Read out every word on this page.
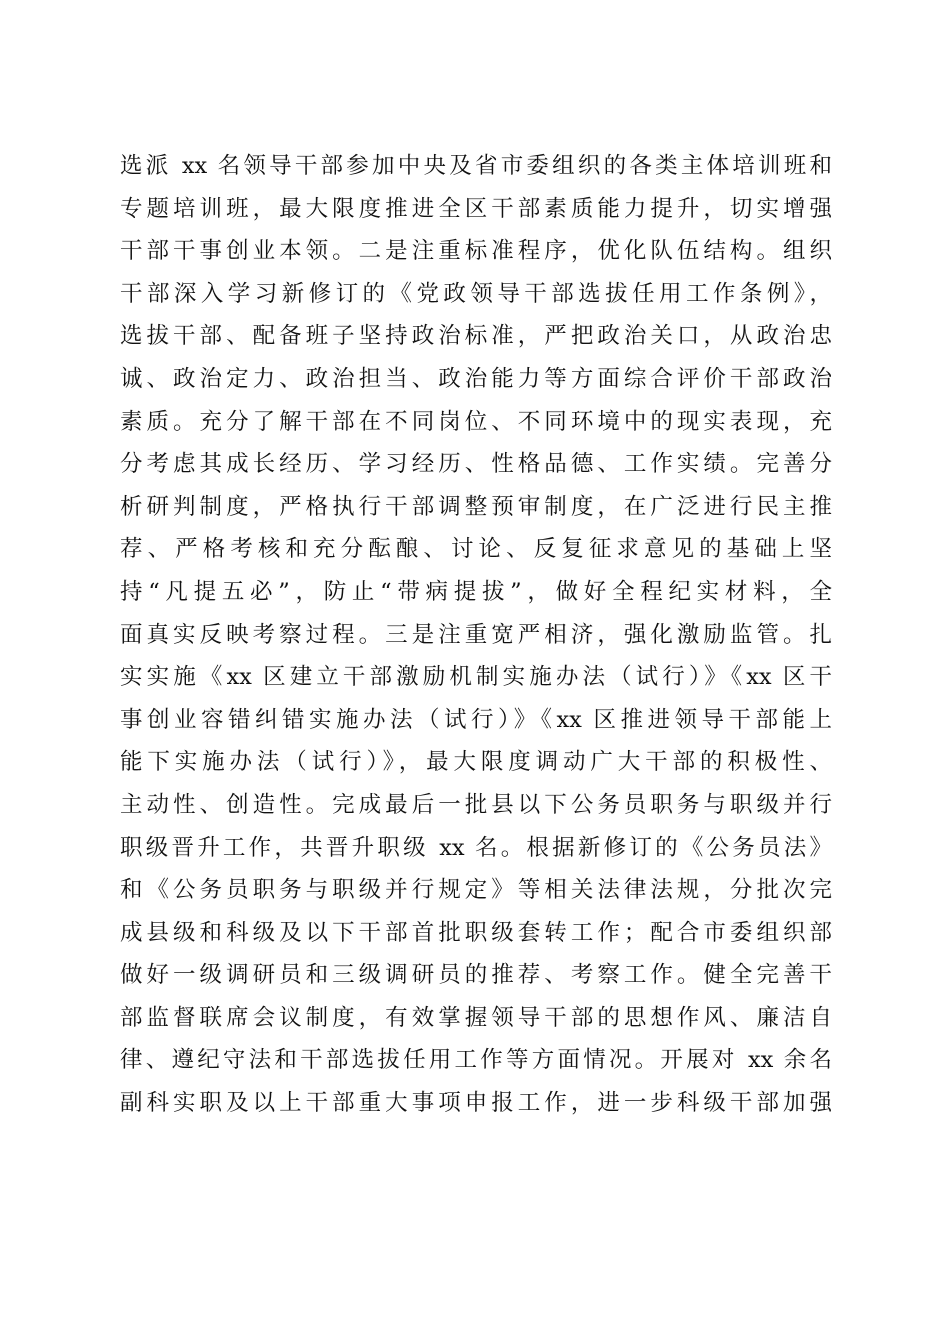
选派 xx 名领导干部参加中央及省市委组织的各类主体培训班和
专题培训班，最大限度推进全区干部素质能力提升，切实增强
干部干事创业本领。二是注重标准程序，优化队伍结构。组织
干部深入学习新修订的《党政领导干部选拔任用工作条例》，
选拔干部、配备班子坚持政治标准，严把政治关口，从政治忠
诚、政治定力、政治担当、政治能力等方面综合评价干部政治
素质。充分了解干部在不同岗位、不同环境中的现实表现，充
分考虑其成长经历、学习经历、性格品德、工作实绩。完善分
析研判制度，严格执行干部调整预审制度，在广泛进行民主推
荐、严格考核和充分酝酿、讨论、反复征求意见的基础上坚
持“凡提五必”，防止“带病提拔”，做好全程纪实材料，全
面真实反映考察过程。三是注重宽严相济，强化激励监管。扎
实实施《xx 区建立干部激励机制实施办法（试行）》《xx 区干
事创业容错纠错实施办法（试行）》《xx 区推进领导干部能上
能下实施办法（试行）》，最大限度调动广大干部的积极性、
主动性、创造性。完成最后一批县以下公务员职务与职级并行
职级晋升工作，共晋升职级 xx 名。根据新修订的《公务员法》
和《公务员职务与职级并行规定》等相关法律法规，分批次完
成县级和科级及以下干部首批职级套转工作；配合市委组织部
做好一级调研员和三级调研员的推荐、考察工作。健全完善干
部监督联席会议制度，有效掌握领导干部的思想作风、廉洁自
律、遵纪守法和干部选拔任用工作等方面情况。开展对 xx 余名
副科实职及以上干部重大事项申报工作，进一步科级干部加强
